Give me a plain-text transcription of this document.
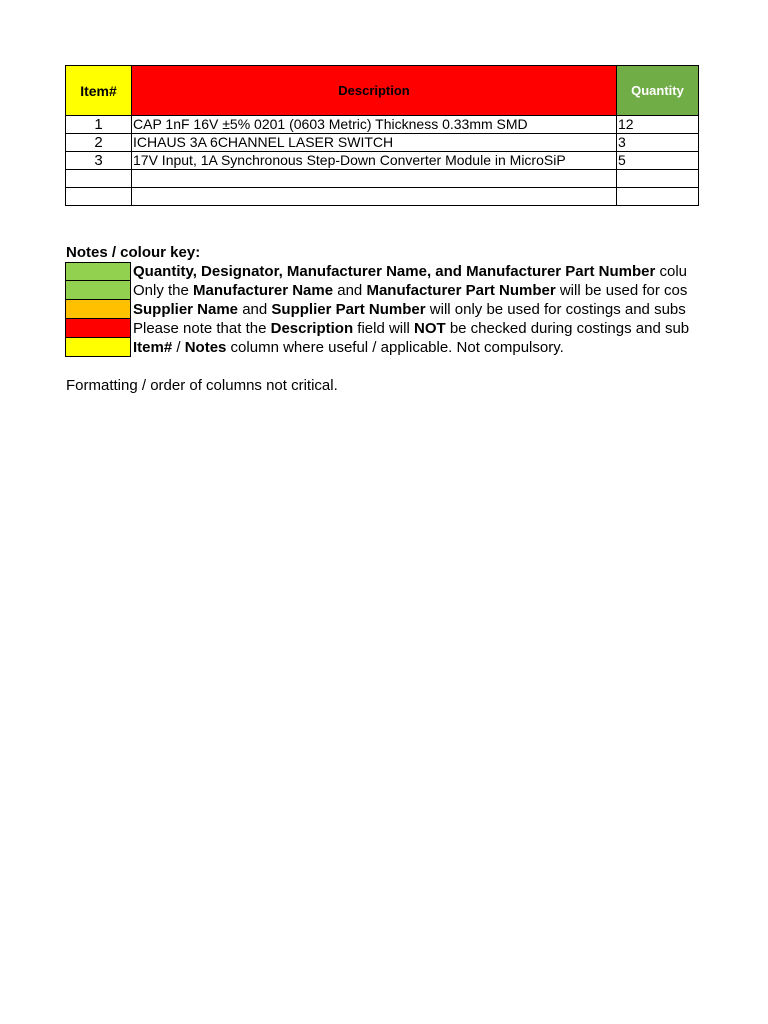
Item#	Description	Quantity
1	CAP 1nF 16V ±5% 0201 (0603 Metric) Thickness 0.33mm SMD	12
2	ICHAUS 3A 6CHANNEL LASER SWITCH	3
3	17V Input, 1A Synchronous Step-Down Converter Module in MicroSiP	5

Notes / colour key:
Quantity, Designator, Manufacturer Name, and Manufacturer Part Number colu
Only the Manufacturer Name and Manufacturer Part Number will be used for cos
Supplier Name and Supplier Part Number will only be used for costings and subs
Please note that the Description field will NOT be checked during costings and sub
Item# / Notes column where useful / applicable. Not compulsory.
Formatting / order of columns not critical.
